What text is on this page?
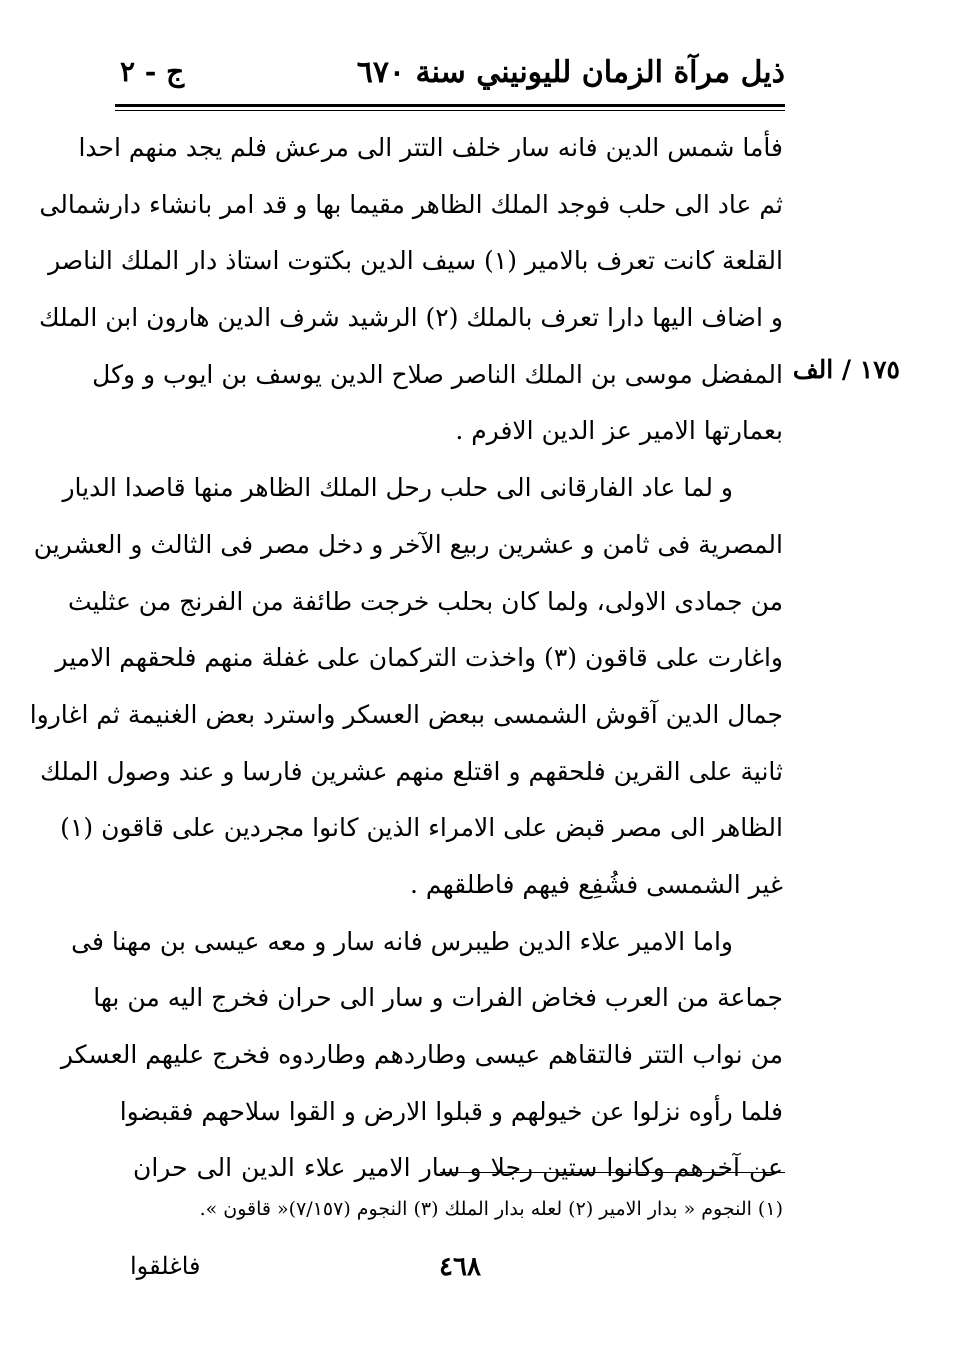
ذيل مرآة الزمان لليونيني سنة ٦٧٠
ج - ٢
١٧٥ / الف
فأما شمس الدين فانه سار خلف التتر الى مرعش فلم يجد منهم احدا
ثم عاد الى حلب فوجد الملك الظاهر مقيما بها و قد امر بانشاء دارشمالى
القلعة كانت تعرف بالامير (١) سيف الدين بكتوت استاذ دار الملك الناصر
و اضاف اليها دارا تعرف بالملك (٢) الرشيد شرف الدين هارون ابن الملك
المفضل موسى بن الملك الناصر صلاح الدين يوسف بن ايوب و وكل
بعمارتها الامير عز الدين الافرم .
و لما عاد الفارقانى الى حلب رحل الملك الظاهر منها قاصدا الديار
المصرية فى ثامن و عشرين ربيع الآخر و دخل مصر فى الثالث و العشرين
من جمادى الاولى، ولما كان بحلب خرجت طائفة من الفرنج من عثليث
واغارت على قاقون (٣) واخذت التركمان على غفلة منهم فلحقهم الامير
جمال الدين آقوش الشمسى ببعض العسكر واسترد بعض الغنيمة ثم اغاروا
ثانية على القرين فلحقهم و اقتلع منهم عشرين فارسا و عند وصول الملك
الظاهر الى مصر قبض على الامراء الذين كانوا مجردين على قاقون (١)
غير الشمسى فشُفِع فيهم فاطلقهم .
واما الامير علاء الدين طيبرس فانه سار و معه عيسى بن مهنا فى
جماعة من العرب فخاض الفرات و سار الى حران فخرج اليه من بها
من نواب التتر فالتقاهم عيسى وطاردهم وطاردوه فخرج عليهم العسكر
فلما رأوه نزلوا عن خيولهم و قبلوا الارض و القوا سلاحهم فقبضوا
عن آخرهم وكانوا ستين رجلا و سار الامير علاء الدين الى حران
(١) النجوم « بدار الامير (٢) لعله بدار الملك (٣) النجوم (٧/١٥٧)« قاقون ».
٤٦٨
فاغلقوا
